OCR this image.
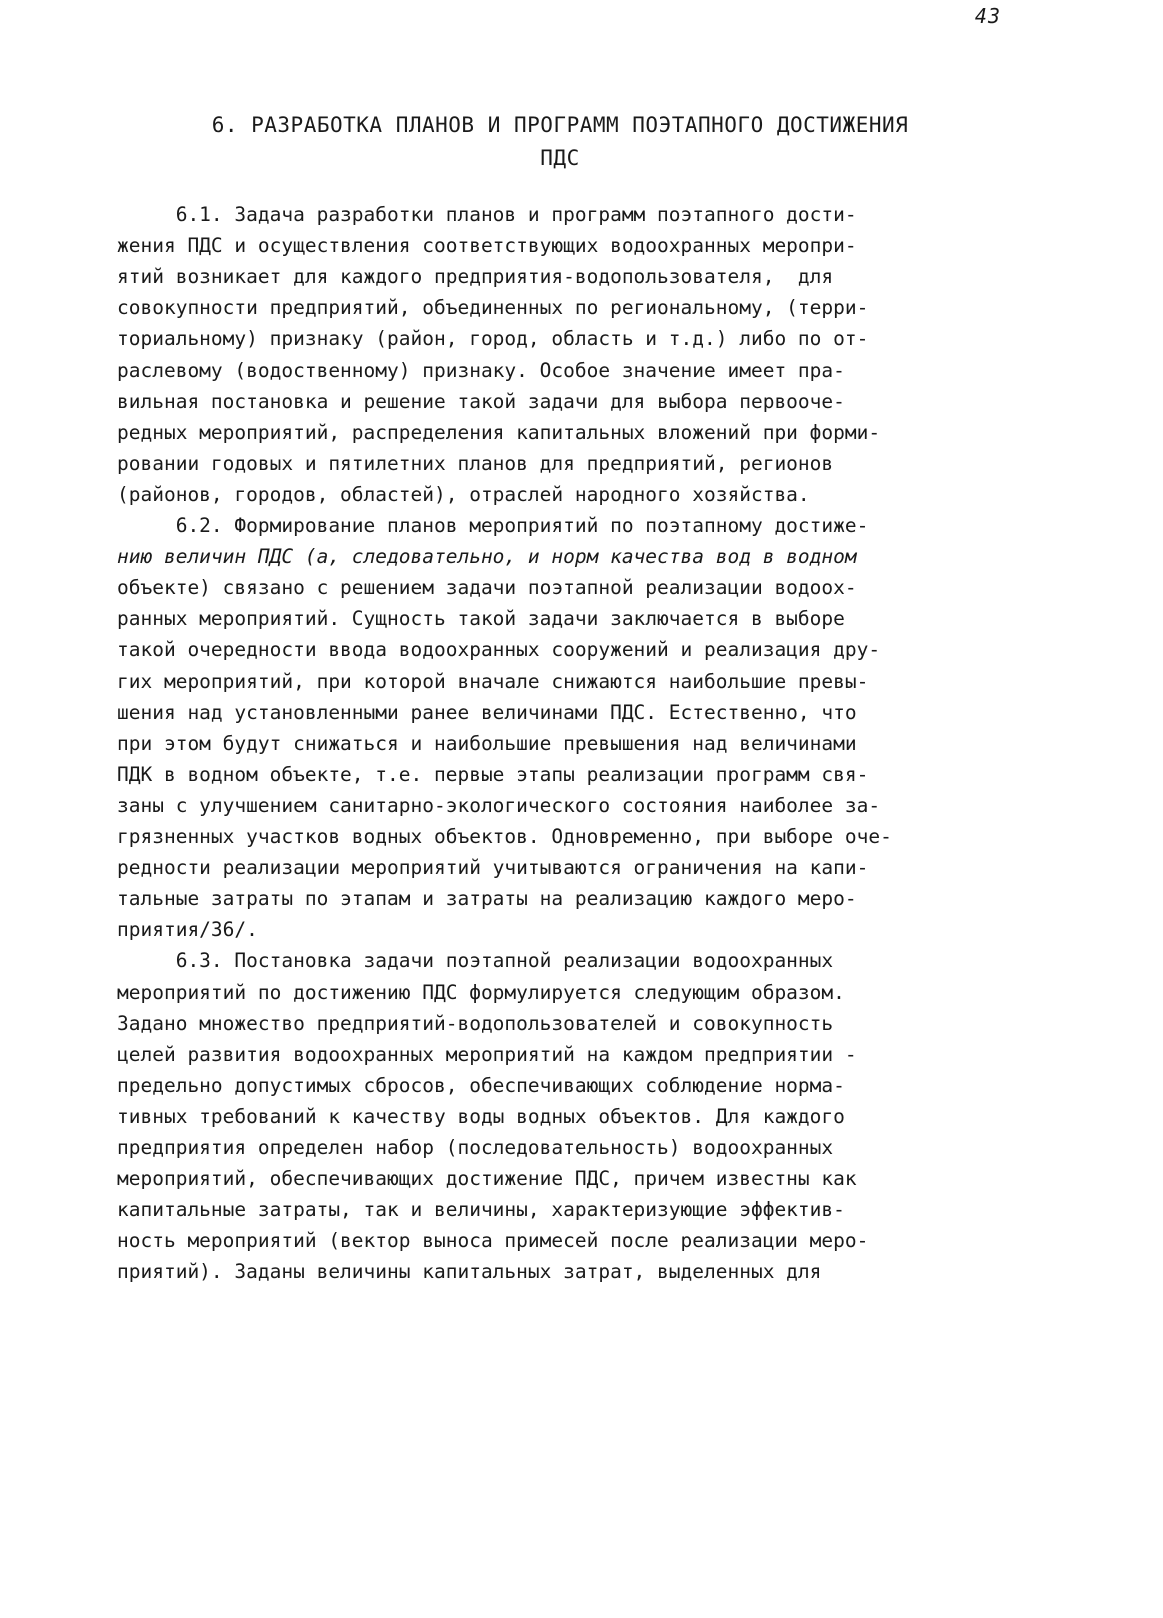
43
6. РАЗРАБОТКА ПЛАНОВ И ПРОГРАММ ПОЭТАПНОГО ДОСТИЖЕНИЯ
ПДС
6.1. Задача разработки планов и программ поэтапного дости-
жения ПДС и осуществления соответствующих водоохранных меропри-
ятий возникает для каждого предприятия-водопользователя,  для
совокупности предприятий, объединенных по региональному, (терри-
ториальному) признаку (район, город, область и т.д.) либо по от-
раслевому (водоственному) признаку. Особое значение имеет пра-
вильная постановка и решение такой задачи для выбора первооче-
редных мероприятий, распределения капитальных вложений при форми-
ровании годовых и пятилетних планов для предприятий, регионов
(районов, городов, областей), отраслей народного хозяйства.
6.2. Формирование планов мероприятий по поэтапному достиже-
нию величин ПДС (а, следовательно, и норм качества вод в водном
объекте) связано с решением задачи поэтапной реализации водоох-
ранных мероприятий. Сущность такой задачи заключается в выборе
такой очередности ввода водоохранных сооружений и реализация дру-
гих мероприятий, при которой вначале снижаются наибольшие превы-
шения над установленными ранее величинами ПДС. Естественно, что
при этом будут снижаться и наибольшие превышения над величинами
ПДК в водном объекте, т.е. первые этапы реализации программ свя-
заны с улучшением санитарно-экологического состояния наиболее за-
грязненных участков водных объектов. Одновременно, при выборе оче-
редности реализации мероприятий учитываются ограничения на капи-
тальные затраты по этапам и затраты на реализацию каждого меро-
приятия/36/.
6.3. Постановка задачи поэтапной реализации водоохранных
мероприятий по достижению ПДС формулируется следующим образом.
Задано множество предприятий-водопользователей и совокупность
целей развития водоохранных мероприятий на каждом предприятии -
предельно допустимых сбросов, обеспечивающих соблюдение норма-
тивных требований к качеству воды водных объектов. Для каждого
предприятия определен набор (последовательность) водоохранных
мероприятий, обеспечивающих достижение ПДС, причем известны как
капитальные затраты, так и величины, характеризующие эффектив-
ность мероприятий (вектор выноса примесей после реализации меро-
приятий). Заданы величины капитальных затрат, выделенных для
